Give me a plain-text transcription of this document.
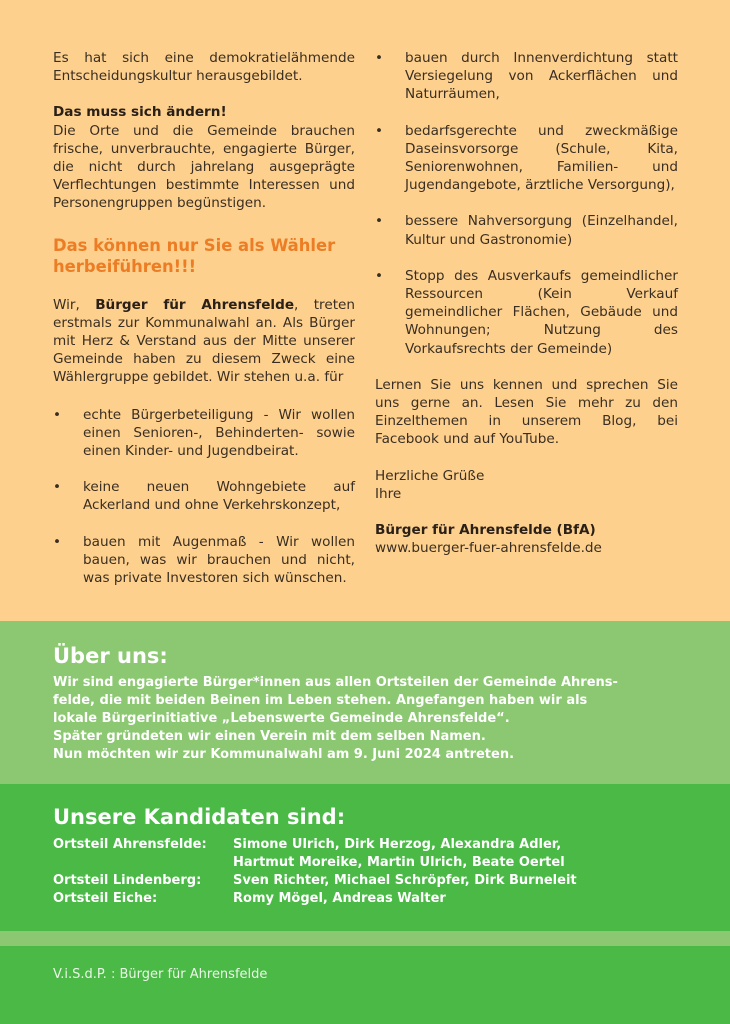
Es hat sich eine demokratielähmende Entscheidungskultur herausgebildet.

Das muss sich ändern!

Die Orte und die Gemeinde brauchen frische, unverbrauchte, engagierte Bürger, die nicht durch jahrelang ausgeprägte Verflechtungen bestimmte Interessen und Personengruppen begünstigen.

Das können nur Sie als Wähler herbeiführen!!!

Wir, Bürger für Ahrensfelde, treten erstmals zur Kommunalwahl an. Als Bürger mit Herz & Verstand aus der Mitte unserer Gemeinde haben zu diesem Zweck eine Wählergruppe gebildet. Wir stehen u.a. für

• echte Bürgerbeteiligung - Wir wollen einen Senioren-, Behinderten- sowie einen Kinder- und Jugendbeirat.
• keine neuen Wohngebiete auf Ackerland und ohne Verkehrskonzept,
• bauen mit Augenmaß - Wir wollen bauen, was wir brauchen und nicht, was private Investoren sich wünschen.
• bauen durch Innenverdichtung statt Versiegelung von Ackerflächen und Naturräumen,
• bedarfsgerechte und zweckmäßige Daseinsvorsorge (Schule, Kita, Seniorenwohnen, Familien- und Jugendangebote, ärztliche Versorgung),
• bessere Nahversorgung (Einzelhandel, Kultur und Gastronomie)
• Stopp des Ausverkaufs gemeindlicher Ressourcen (Kein Verkauf gemeindlicher Flächen, Gebäude und Wohnungen; Nutzung des Vorkaufsrechts der Gemeinde)

Lernen Sie uns kennen und sprechen Sie uns gerne an. Lesen Sie mehr zu den Einzelthemen in unserem Blog, bei Facebook und auf YouTube.

Herzliche Grüße

Ihre

Bürger für Ahrensfelde (BfA)

www.buerger-fuer-ahrensfelde.de

Über uns:
Wir sind engagierte Bürger*innen aus allen Ortsteilen der Gemeinde Ahrens-
felde, die mit beiden Beinen im Leben stehen. Angefangen haben wir als
lokale Bürgerinitiative „Lebenswerte Gemeinde Ahrensfelde“.
Später gründeten wir einen Verein mit dem selben Namen.
Nun möchten wir zur Kommunalwahl am 9. Juni 2024 antreten.
Unsere Kandidaten sind:
Ortsteil Ahrensfelde:	Simone Ulrich, Dirk Herzog, Alexandra Adler,
Hartmut Moreike, Martin Ulrich, Beate Oertel
Ortsteil Lindenberg:	Sven Richter, Michael Schröpfer, Dirk Burneleit
Ortsteil Eiche:	Romy Mögel, Andreas Walter
V.i.S.d.P. : Bürger für Ahrensfelde
